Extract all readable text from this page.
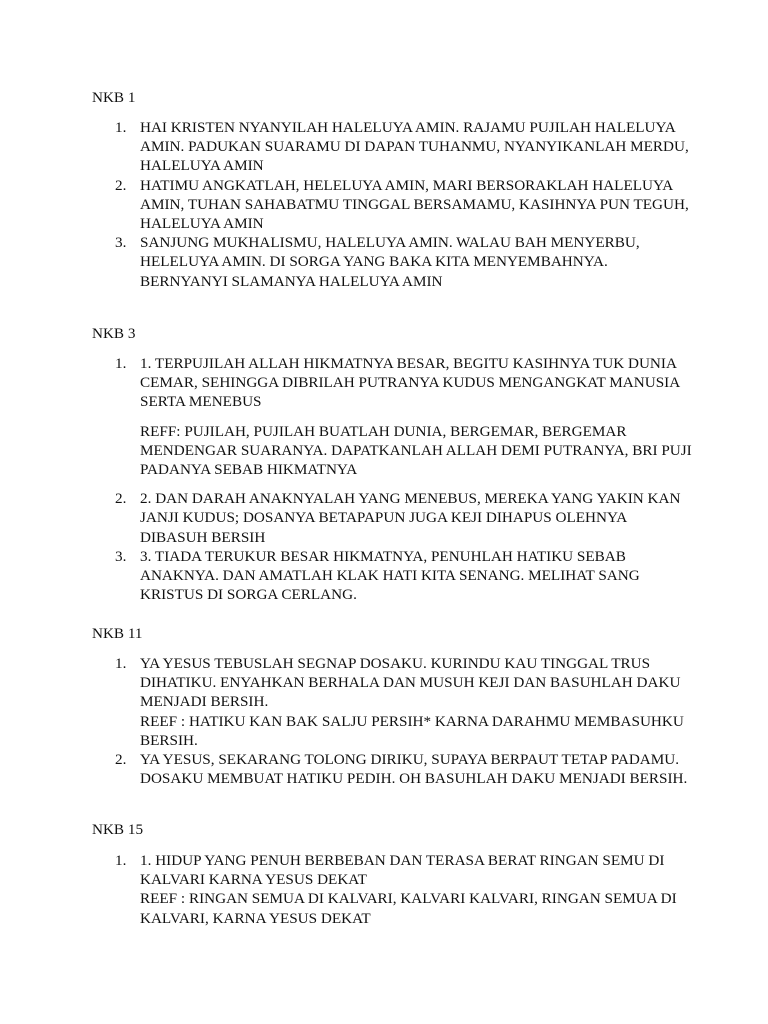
NKB 1

1. HAI KRISTEN NYANYILAH HALELUYA AMIN. RAJAMU PUJILAH HALELUYA AMIN. PADUKAN SUARAMU DI DAPAN TUHANMU, NYANYIKANLAH MERDU, HALELUYA AMIN
2. HATIMU ANGKATLAH, HELELUYA AMIN, MARI BERSORAKLAH HALELUYA AMIN, TUHAN SAHABATMU TINGGAL BERSAMAMU, KASIHNYA PUN TEGUH, HALELUYA AMIN
3. SANJUNG MUKHALISMU, HALELUYA AMIN. WALAU BAH MENYERBU, HELELUYA AMIN. DI SORGA YANG BAKA KITA MENYEMBAHNYA. BERNYANYI SLAMANYA HALELUYA AMIN

NKB 3

1. 1. TERPUJILAH ALLAH HIKMATNYA BESAR, BEGITU KASIHNYA TUK DUNIA CEMAR, SEHINGGA DIBRILAH PUTRANYA KUDUS MENGANGKAT MANUSIA SERTA MENEBUS
REFF: PUJILAH, PUJILAH BUATLAH DUNIA, BERGEMAR, BERGEMAR MENDENGAR SUARANYA. DAPATKANLAH ALLAH DEMI PUTRANYA, BRI PUJI PADANYA SEBAB HIKMATNYA
2. 2. DAN DARAH ANAKNYALAH YANG MENEBUS, MEREKA YANG YAKIN KAN JANJI KUDUS; DOSANYA BETAPAPUN JUGA KEJI DIHAPUS OLEHNYA DIBASUH BERSIH
3. 3. TIADA TERUKUR BESAR HIKMATNYA, PENUHLAH HATIKU SEBAB ANAKNYA. DAN AMATLAH KLAK HATI KITA SENANG. MELIHAT SANG KRISTUS DI SORGA CERLANG.

NKB 11

1. YA YESUS TEBUSLAH SEGNAP DOSAKU. KURINDU KAU TINGGAL TRUS DIHATIKU. ENYAHKAN BERHALA DAN MUSUH KEJI DAN BASUHLAH DAKU MENJADI BERSIH.
REEF : HATIKU KAN BAK SALJU PERSIH* KARNA DARAHMU MEMBASUHKU BERSIH.
2. YA YESUS, SEKARANG TOLONG DIRIKU, SUPAYA BERPAUT TETAP PADAMU. DOSAKU MEMBUAT HATIKU PEDIH. OH BASUHLAH DAKU MENJADI BERSIH.

NKB 15

1. 1. HIDUP YANG PENUH BERBEBAN DAN TERASA BERAT RINGAN SEMU DI KALVARI KARNA YESUS DEKAT
REEF : RINGAN SEMUA DI KALVARI, KALVARI KALVARI, RINGAN SEMUA DI KALVARI, KARNA YESUS DEKAT
